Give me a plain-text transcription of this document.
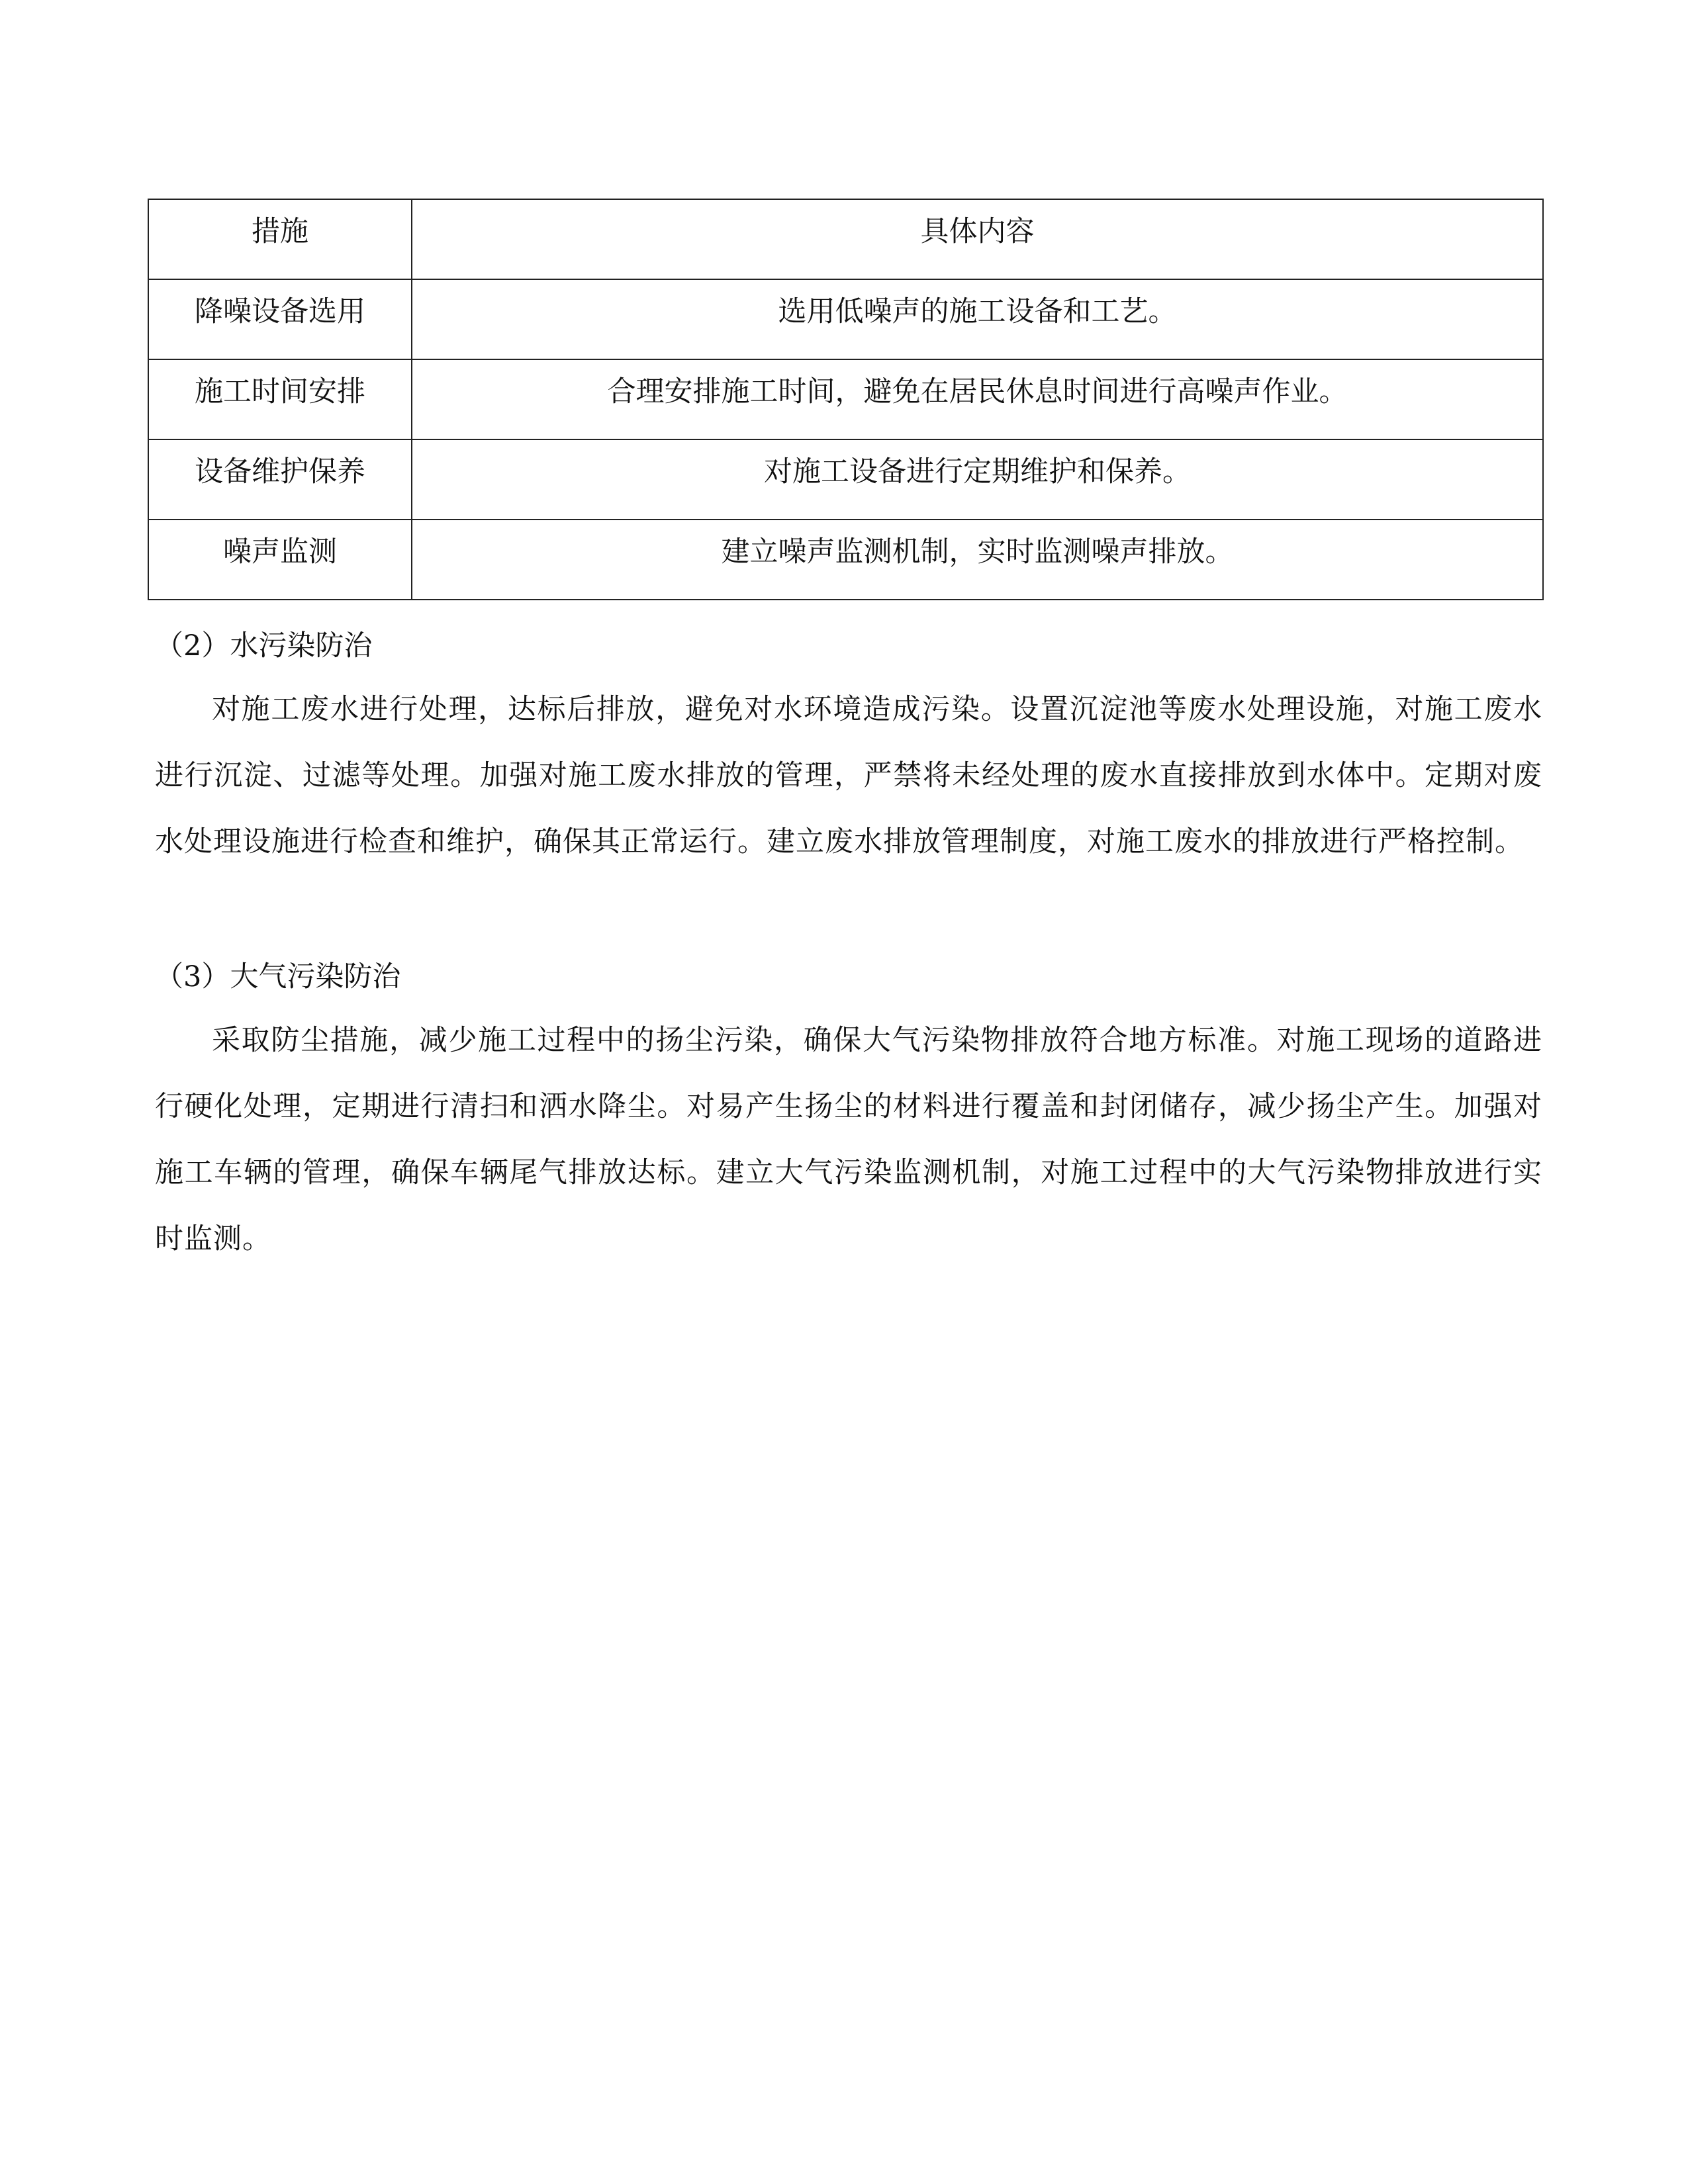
措施	具体内容
降噪设备选用	选用低噪声的施工设备和工艺。
施工时间安排	合理安排施工时间，避免在居民休息时间进行高噪声作业。
设备维护保养	对施工设备进行定期维护和保养。
噪声监测	建立噪声监测机制，实时监测噪声排放。
（2）水污染防治

对施工废水进行处理，达标后排放，避免对水环境造成污染。设置沉淀池等废水处理设施，对施工废水进行沉淀、过滤等处理。加强对施工废水排放的管理，严禁将未经处理的废水直接排放到水体中。定期对废水处理设施进行检查和维护，确保其正常运行。建立废水排放管理制度，对施工废水的排放进行严格控制。

（3）大气污染防治

采取防尘措施，减少施工过程中的扬尘污染，确保大气污染物排放符合地方标准。对施工现场的道路进行硬化处理，定期进行清扫和洒水降尘。对易产生扬尘的材料进行覆盖和封闭储存，减少扬尘产生。加强对施工车辆的管理，确保车辆尾气排放达标。建立大气污染监测机制，对施工过程中的大气污染物排放进行实时监测。
